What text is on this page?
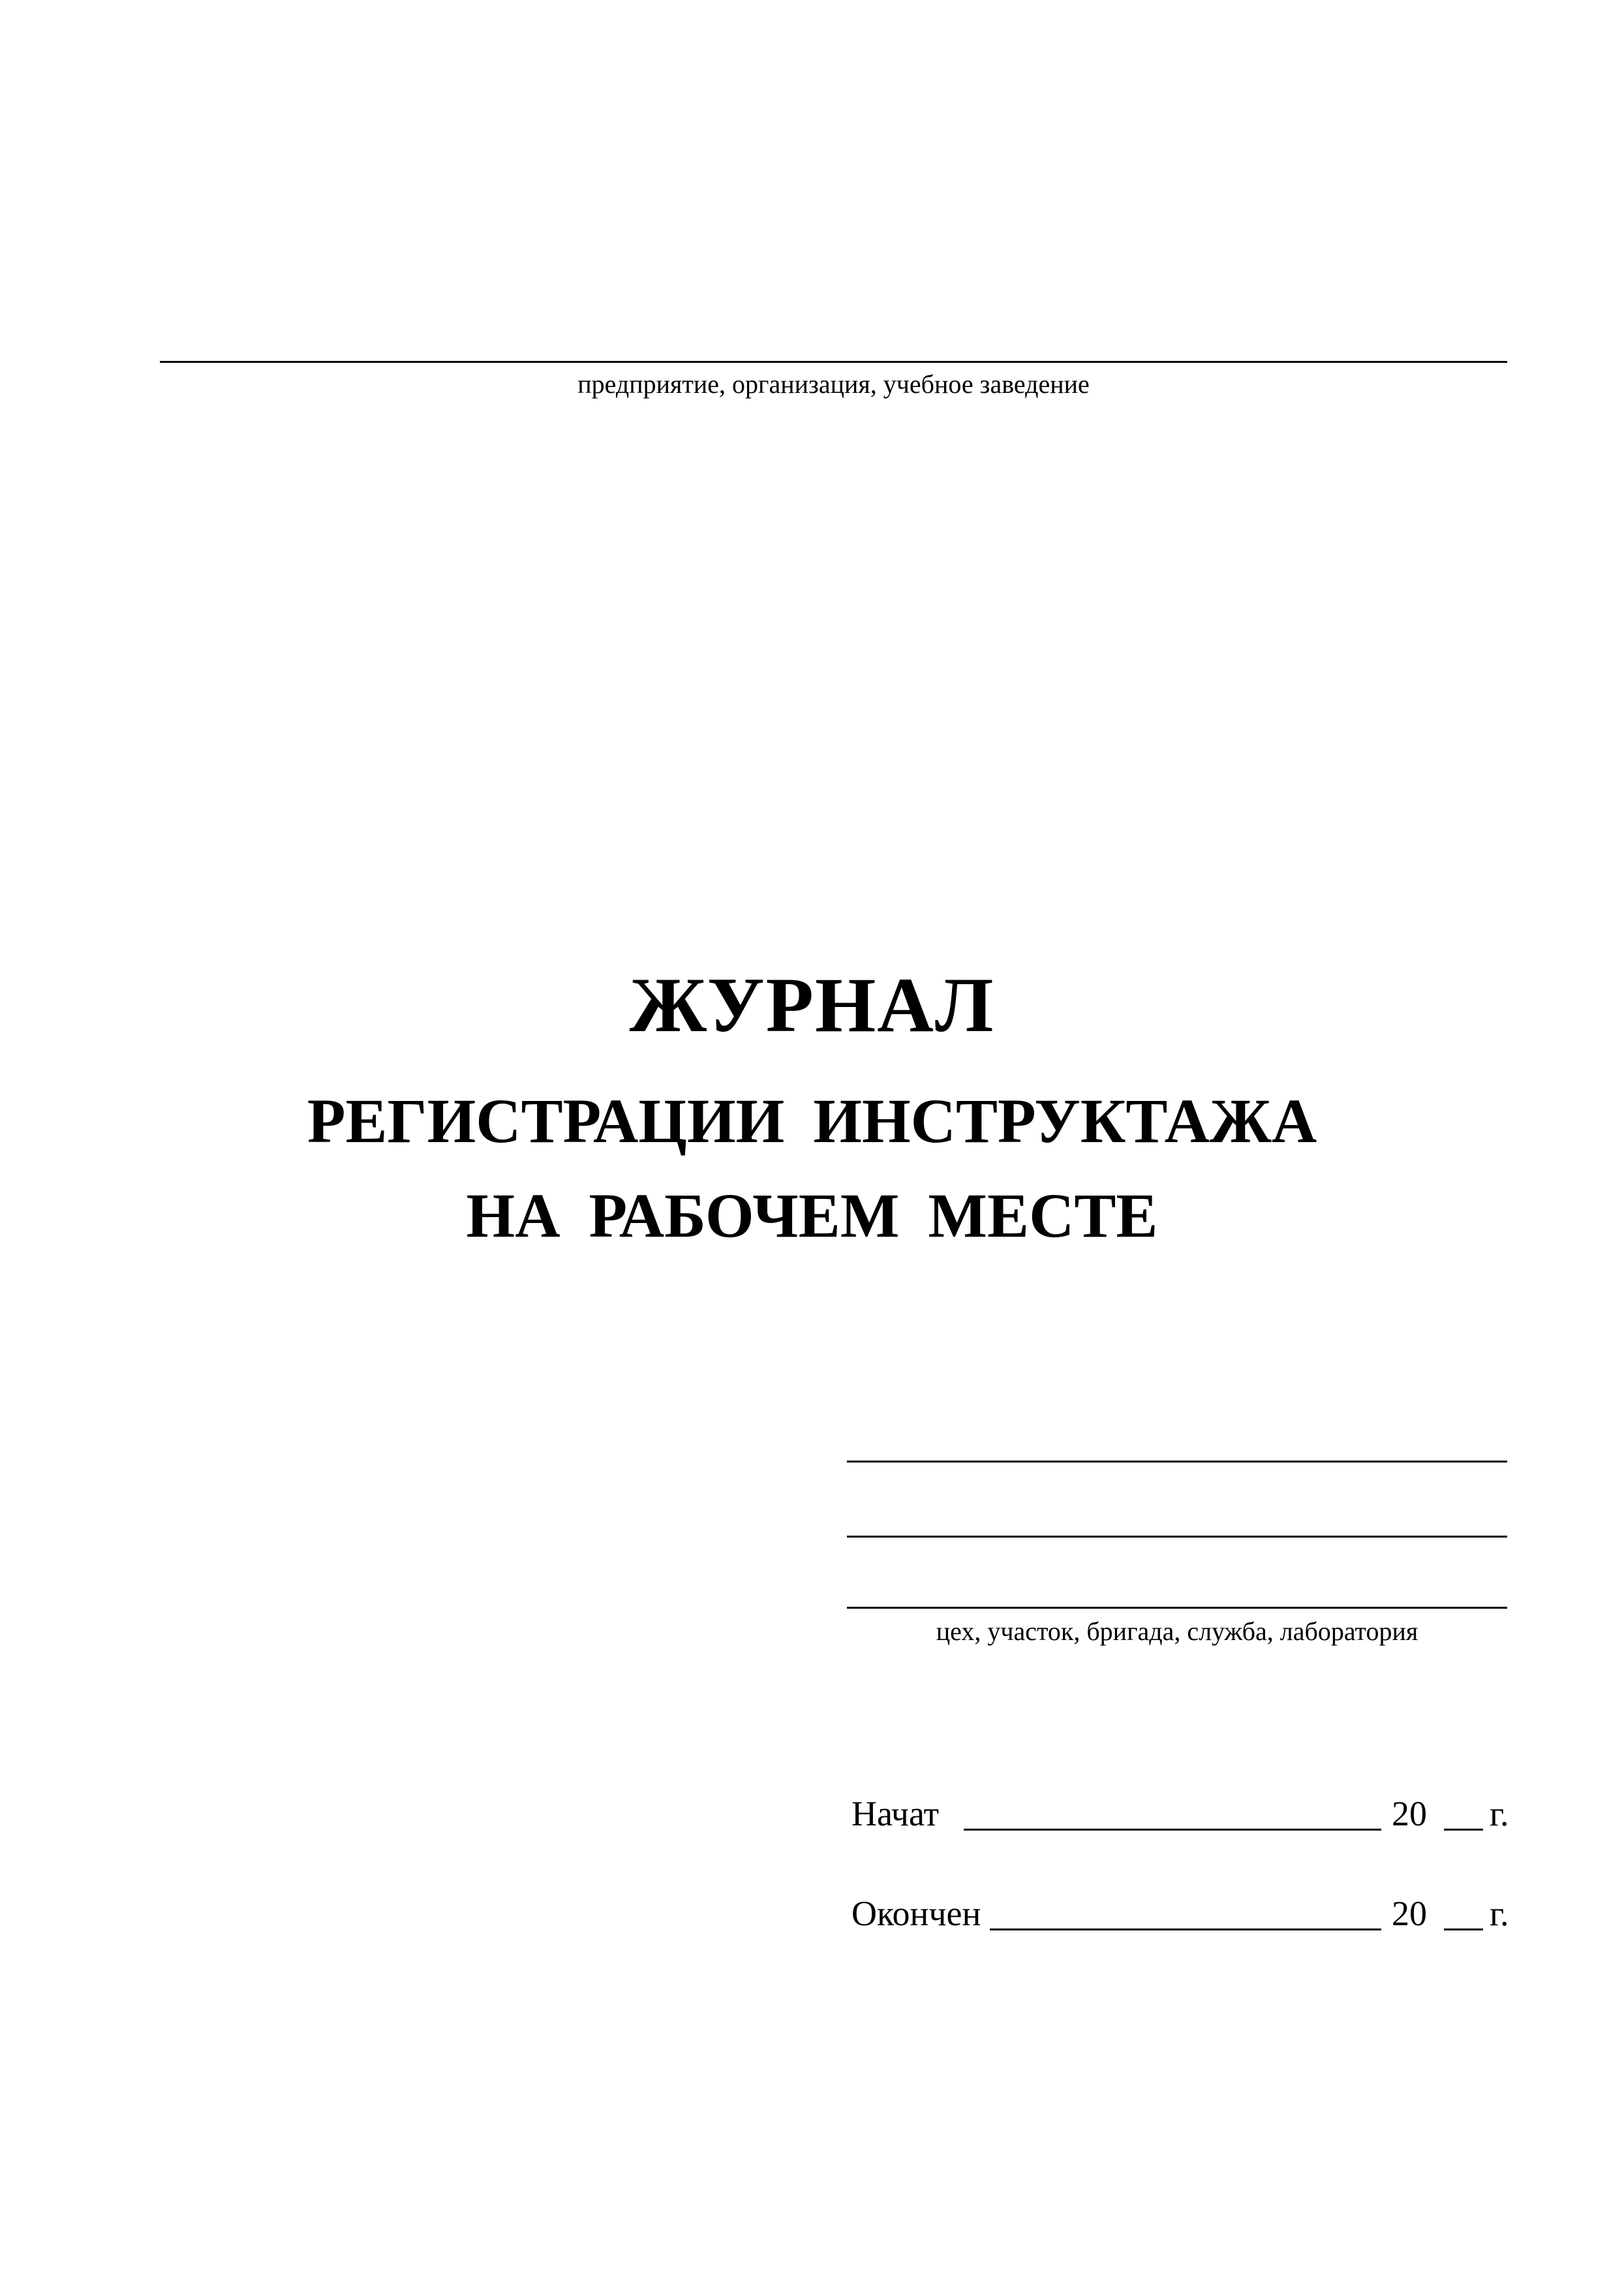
предприятие, организация, учебное заведение
ЖУРНАЛ
РЕГИСТРАЦИИ ИНСТРУКТАЖА
НА РАБОЧЕМ МЕСТЕ
цех, участок, бригада, служба, лаборатория
Начат	20 г.
Окончен	20 г.
